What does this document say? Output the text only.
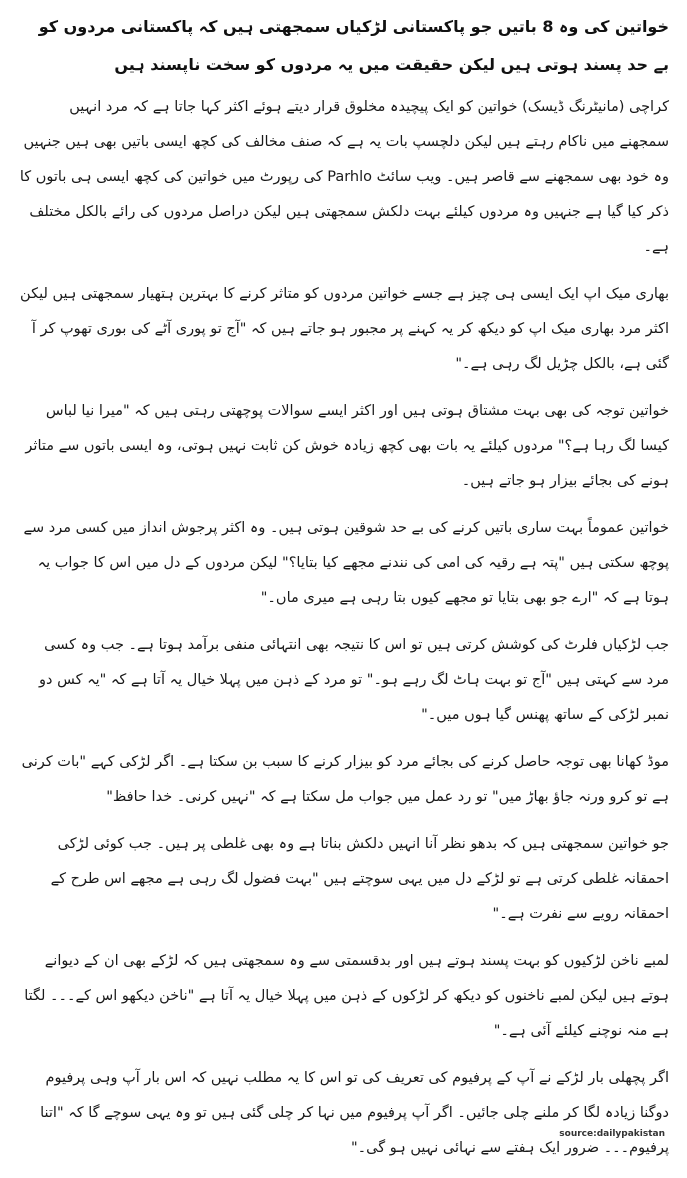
خواتین کی وہ 8 باتیں جو پاکستانی لڑکیاں سمجھتی ہیں کہ پاکستانی مردوں کو بے حد پسند ہوتی ہیں لیکن حقیقت میں یہ مردوں کو سخت ناپسند ہیں

کراچی (مانیٹرنگ ڈیسک) خواتین کو ایک پیچیدہ مخلوق قرار دیتے ہوئے اکثر کہا جاتا ہے کہ مرد انہیں سمجھنے میں ناکام رہتے ہیں لیکن دلچسپ بات یہ ہے کہ صنف مخالف کی کچھ ایسی باتیں بھی ہیں جنہیں وہ خود بھی سمجھنے سے قاصر ہیں۔ ویب سائٹ Parhlo کی رپورٹ میں خواتین کی کچھ ایسی ہی باتوں کا ذکر کیا گیا ہے جنہیں وہ مردوں کیلئے بہت دلکش سمجھتی ہیں لیکن دراصل مردوں کی رائے بالکل مختلف ہے۔

بھاری میک اپ ایک ایسی ہی چیز ہے جسے خواتین مردوں کو متاثر کرنے کا بہترین ہتھیار سمجھتی ہیں لیکن اکثر مرد بھاری میک اپ کو دیکھ کر یہ کہنے پر مجبور ہو جاتے ہیں کہ "آج تو پوری آٹے کی بوری تھوپ کر آ گئی ہے، بالکل چڑیل لگ رہی ہے۔"

خواتین توجہ کی بھی بہت مشتاق ہوتی ہیں اور اکثر ایسے سوالات پوچھتی رہتی ہیں کہ "میرا نیا لباس کیسا لگ رہا ہے؟" مردوں کیلئے یہ بات بھی کچھ زیادہ خوش کن ثابت نہیں ہوتی، وہ ایسی باتوں سے متاثر ہونے کی بجائے بیزار ہو جاتے ہیں۔

خواتین عموماً بہت ساری باتیں کرنے کی بے حد شوقین ہوتی ہیں۔ وہ اکثر پرجوش انداز میں کسی مرد سے پوچھ سکتی ہیں "پتہ ہے رقیہ کی امی کی نندنے مجھے کیا بتایا؟" لیکن مردوں کے دل میں اس کا جواب یہ ہوتا ہے کہ "ارے جو بھی بتایا تو مجھے کیوں بتا رہی ہے میری ماں۔"

جب لڑکیاں فلرٹ کی کوشش کرتی ہیں تو اس کا نتیجہ بھی انتہائی منفی برآمد ہوتا ہے۔ جب وہ کسی مرد سے کہتی ہیں "آج تو بہت ہاٹ لگ رہے ہو۔" تو مرد کے ذہن میں پہلا خیال یہ آتا ہے کہ "یہ کس دو نمبر لڑکی کے ساتھ پھنس گیا ہوں میں۔"

موڈ کھانا بھی توجہ حاصل کرنے کی بجائے مرد کو بیزار کرنے کا سبب بن سکتا ہے۔ اگر لڑکی کہے "بات کرنی ہے تو کرو ورنہ جاؤ بھاڑ میں" تو رد عمل میں جواب مل سکتا ہے کہ "نہیں کرنی۔ خدا حافظ"

جو خواتین سمجھتی ہیں کہ بدھو نظر آنا انہیں دلکش بناتا ہے وہ بھی غلطی پر ہیں۔ جب کوئی لڑکی احمقانہ غلطی کرتی ہے تو لڑکے دل میں یہی سوچتے ہیں "بہت فضول لگ رہی ہے مجھے اس طرح کے احمقانہ رویے سے نفرت ہے۔"

لمبے ناخن لڑکیوں کو بہت پسند ہوتے ہیں اور بدقسمتی سے وہ سمجھتی ہیں کہ لڑکے بھی ان کے دیوانے ہوتے ہیں لیکن لمبے ناخنوں کو دیکھ کر لڑکوں کے ذہن میں پہلا خیال یہ آتا ہے "ناخن دیکھو اس کے۔۔۔ لگتا ہے منہ نوچنے کیلئے آئی ہے۔"

اگر پچھلی بار لڑکے نے آپ کے پرفیوم کی تعریف کی تو اس کا یہ مطلب نہیں کہ اس بار آپ وہی پرفیوم دوگنا زیادہ لگا کر ملنے چلی جائیں۔ اگر آپ پرفیوم میں نہا کر چلی گئی ہیں تو وہ یہی سوچے گا کہ "اتنا پرفیوم۔۔۔ ضرور ایک ہفتے سے نہائی نہیں ہو گی۔"

source:dailypakistan
